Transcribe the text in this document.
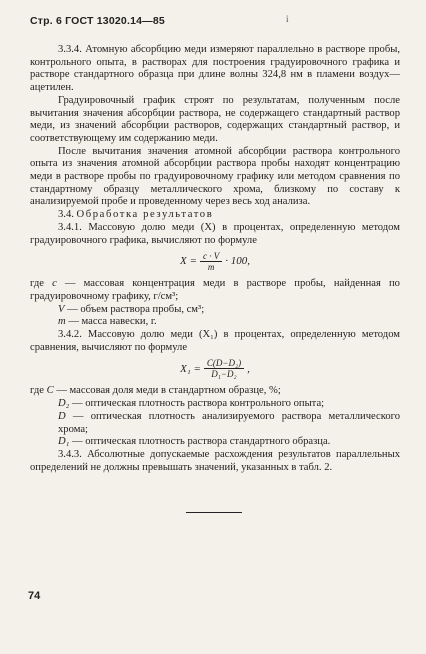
Стр. 6 ГОСТ 13020.14—85	і

3.3.4. Атомную абсорбцию меди измеряют параллельно в растворе пробы, контрольного опыта, в растворах для построения градуировочного графика и растворе стандартного образца при длине волны 324,8 нм в пламени воздух—ацетилен.

Градуировочный график строят по результатам, полученным после вычитания значения абсорбции раствора, не содержащего стандартный раствор меди, из значений абсорбции растворов, содержащих стандартный раствор, и соответствующему им содержанию меди.

После вычитания значения атомной абсорбции раствора контрольного опыта из значения атомной абсорбции раствора пробы находят концентрацию меди в растворе пробы по градуировочному графику или методом сравнения по стандартному образцу металлического хрома, близкому по составу к анализируемой пробе и проведенному через весь ход анализа.

3.4. Обработка результатов

3.4.1. Массовую долю меди (X) в процентах, определенную методом градуировочного графика, вычисляют по формуле

$X = \frac{c \cdot V}{m} \cdot 100$,

где c — массовая концентрация меди в растворе пробы, найденная по градуировочному графику, г/см³;

V — объем раствора пробы, см³;

m — масса навески, г.

3.4.2. Массовую долю меди (X₁) в процентах, определенную методом сравнения, вычисляют по формуле

$X_1 = \frac{\text{C(D−D₂)}}{\text{D₁−D₂}}$ ,

где C — массовая доля меди в стандартном образце, %;

D₂ — оптическая плотность раствора контрольного опыта;

D — оптическая плотность анализируемого раствора металлического хрома;

D₁ — оптическая плотность раствора стандартного образца.

3.4.3. Абсолютные допускаемые расхождения результатов параллельных определений не должны превышать значений, указанных в табл. 2.

74
